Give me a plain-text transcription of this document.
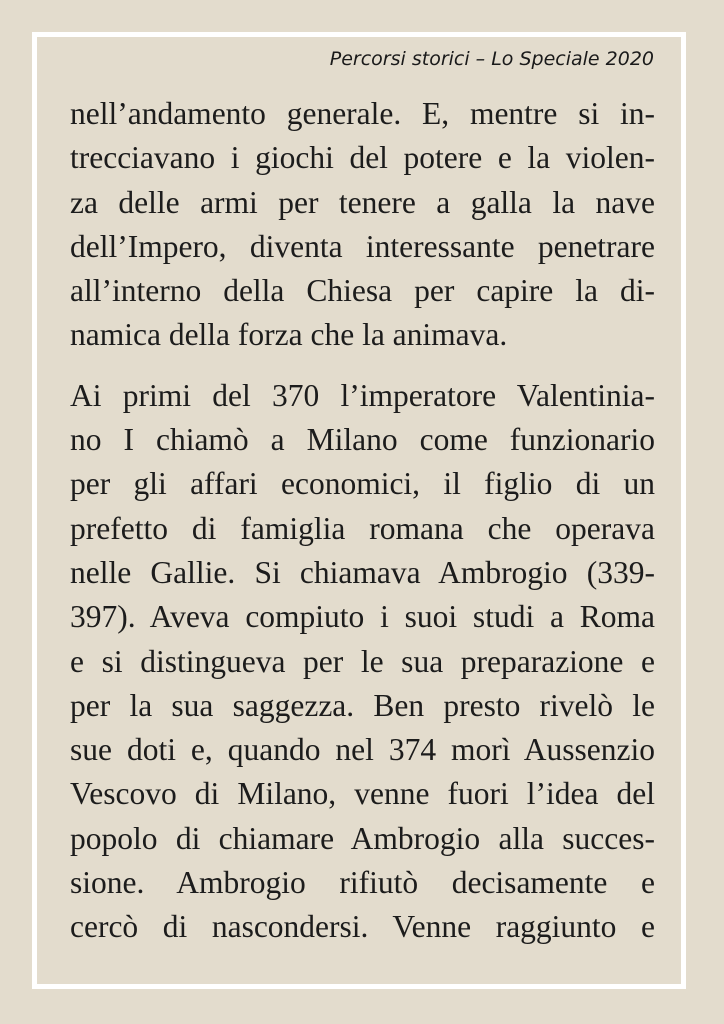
Percorsi storici – Lo Speciale 2020
nell’andamento generale. E, mentre si in-
trecciavano i giochi del potere e la violen-
za delle armi per tenere a galla la nave
dell’Impero, diventa interessante penetrare
all’interno della Chiesa per capire la di-
namica della forza che la animava.
Ai primi del 370 l’imperatore Valentinia-
no I chiamò a Milano come funzionario
per gli affari economici, il figlio di un
prefetto di famiglia romana che operava
nelle Gallie. Si chiamava Ambrogio (339-
397). Aveva compiuto i suoi studi a Roma
e si distingueva per le sua preparazione e
per la sua saggezza. Ben presto rivelò le
sue doti e, quando nel 374 morì Aussenzio
Vescovo di Milano, venne fuori l’idea del
popolo di chiamare Ambrogio alla succes-
sione. Ambrogio rifiutò decisamente e
cercò di nascondersi. Venne raggiunto e
